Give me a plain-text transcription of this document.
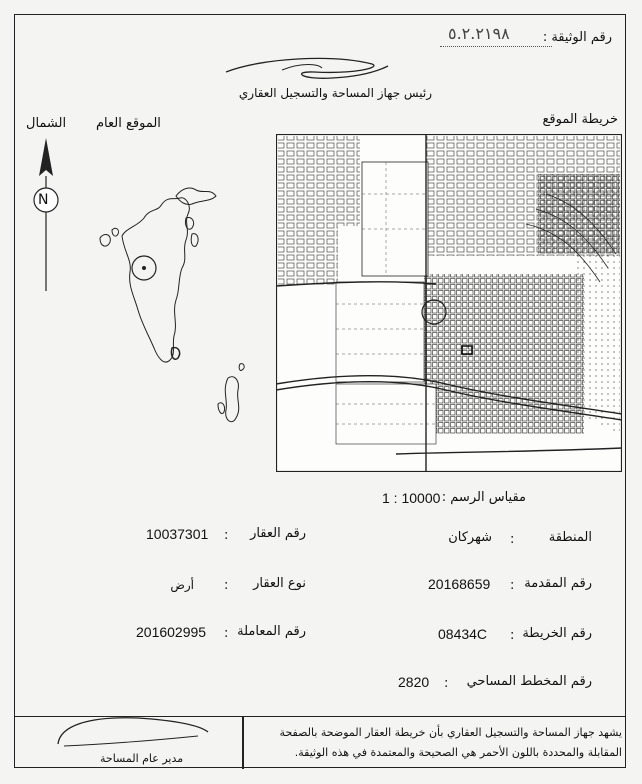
رقم الوثيقة :
٥.٢.٢١٩٨
رئيس جهاز المساحة والتسجيل العقاري
خريطة الموقع
الموقع العام
الشمال
N
مقياس الرسم :
1 : 10000
المنطقة
:
شهركان
رقم العقار
:
10037301
رقم المقدمة
:
20168659
نوع العقار
:
أرض
رقم الخريطة
:
08434C
رقم المعاملة
:
201602995
رقم المخطط المساحي
:
2820
يشهد جهاز المساحة والتسجيل العقاري بأن خريطة العقار الموضحة بالصفحة
المقابلة والمحددة باللون الأحمر هي الصحيحة والمعتمدة في هذه الوثيقة.
مدير عام المساحة
